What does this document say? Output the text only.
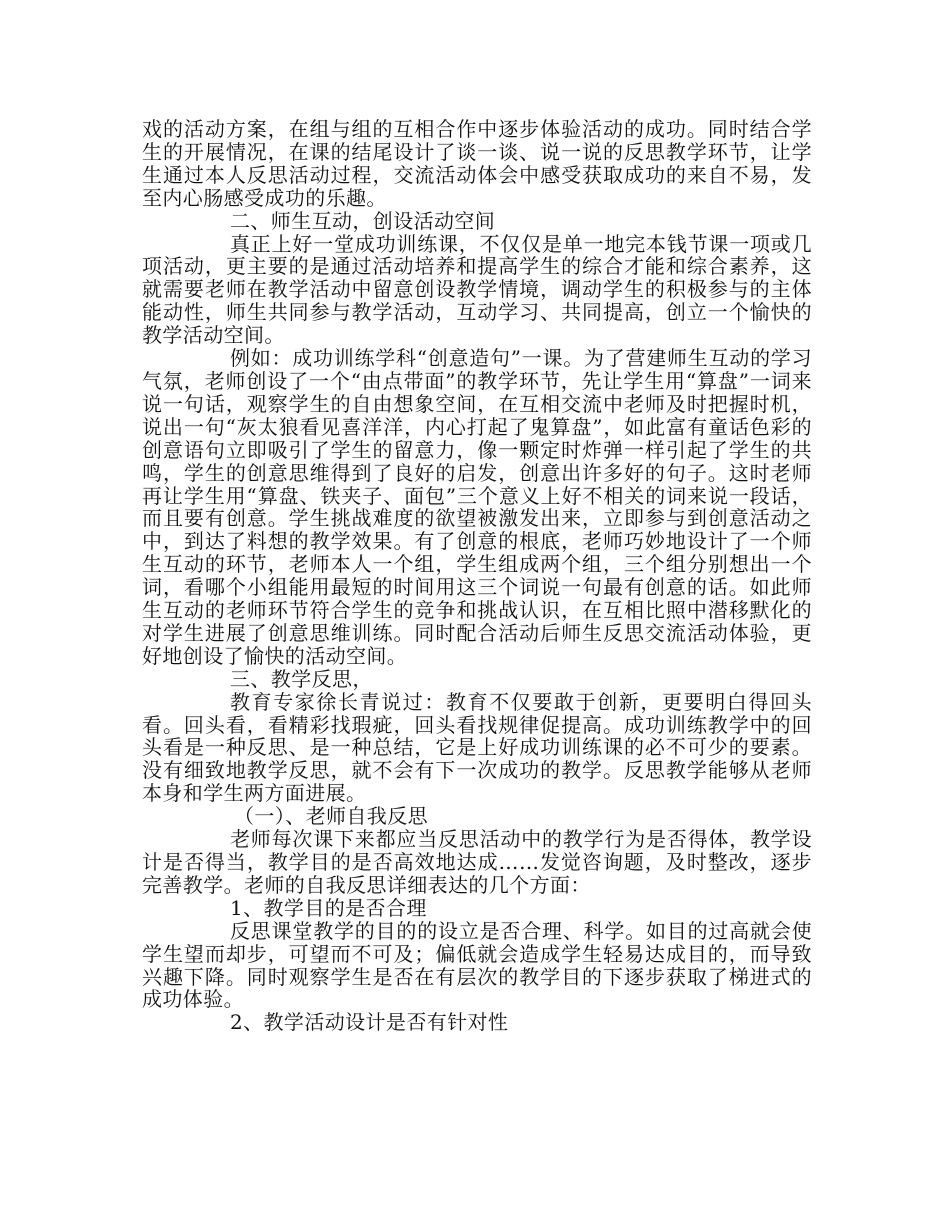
戏的活动方案，在组与组的互相合作中逐步体验活动的成功。同时结合学生的开展情况，在课的结尾设计了谈一谈、说一说的反思教学环节，让学生通过本人反思活动过程，交流活动体会中感受获取成功的来自不易，发至内心肠感受成功的乐趣。

二、师生互动，创设活动空间

真正上好一堂成功训练课，不仅仅是单一地完本钱节课一项或几项活动，更主要的是通过活动培养和提高学生的综合才能和综合素养，这就需要老师在教学活动中留意创设教学情境，调动学生的积极参与的主体能动性，师生共同参与教学活动，互动学习、共同提高，创立一个愉快的教学活动空间。

例如：成功训练学科“创意造句”一课。为了营建师生互动的学习气氛，老师创设了一个“由点带面”的教学环节，先让学生用“算盘”一词来说一句话，观察学生的自由想象空间，在互相交流中老师及时把握时机，说出一句“灰太狼看见喜洋洋，内心打起了鬼算盘”，如此富有童话色彩的创意语句立即吸引了学生的留意力，像一颗定时炸弹一样引起了学生的共鸣，学生的创意思维得到了良好的启发，创意出许多好的句子。这时老师再让学生用“算盘、铁夹子、面包”三个意义上好不相关的词来说一段话，而且要有创意。学生挑战难度的欲望被激发出来，立即参与到创意活动之中，到达了料想的教学效果。有了创意的根底，老师巧妙地设计了一个师生互动的环节，老师本人一个组，学生组成两个组，三个组分别想出一个词，看哪个小组能用最短的时间用这三个词说一句最有创意的话。如此师生互动的老师环节符合学生的竞争和挑战认识，在互相比照中潜移默化的对学生进展了创意思维训练。同时配合活动后师生反思交流活动体验，更好地创设了愉快的活动空间。

三、教学反思，

教育专家徐长青说过：教育不仅要敢于创新，更要明白得回头看。回头看，看精彩找瑕疵，回头看找规律促提高。成功训练教学中的回头看是一种反思、是一种总结，它是上好成功训练课的必不可少的要素。没有细致地教学反思，就不会有下一次成功的教学。反思教学能够从老师本身和学生两方面进展。

（一）、老师自我反思

老师每次课下来都应当反思活动中的教学行为是否得体，教学设计是否得当，教学目的是否高效地达成……发觉咨询题，及时整改，逐步完善教学。老师的自我反思详细表达的几个方面：

1、教学目的是否合理

反思课堂教学的目的的设立是否合理、科学。如目的过高就会使学生望而却步，可望而不可及；偏低就会造成学生轻易达成目的，而导致兴趣下降。同时观察学生是否在有层次的教学目的下逐步获取了梯进式的成功体验。

2、教学活动设计是否有针对性
